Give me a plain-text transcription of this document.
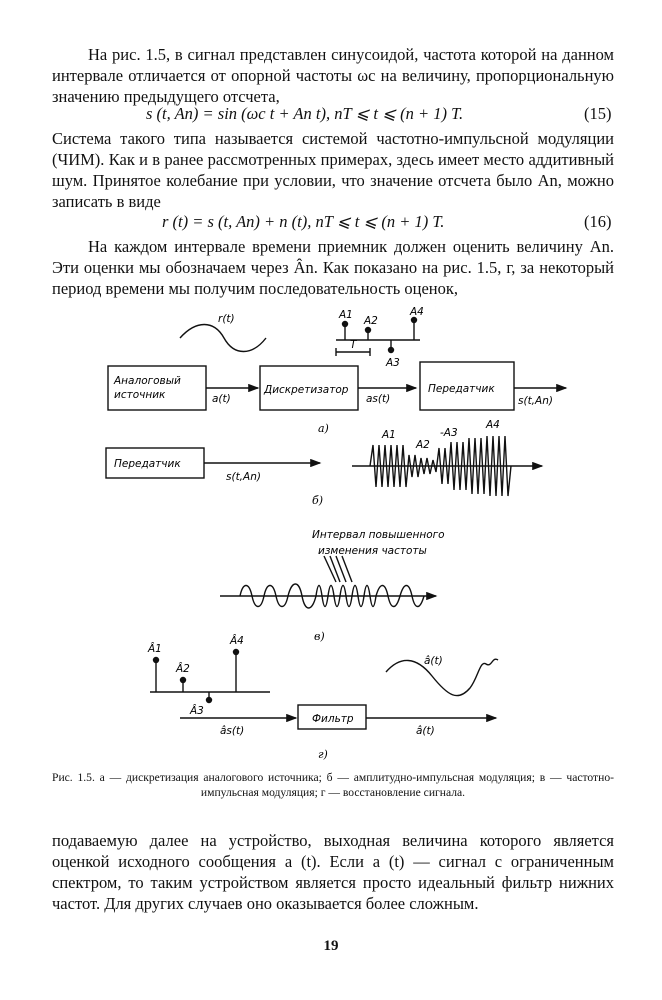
На рис. 1.5, в сигнал представлен синусоидой, частота которой на данном интервале отличается от опорной частоты ωc на величину, пропорциональную значению предыдущего отсчета,
s (t, An) = sin (ωc t + An t), nT ⩽ t ⩽ (n + 1) T.	(15)
Система такого типа называется системой частотно-импульсной модуляции (ЧИМ). Как и в ранее рассмотренных примерах, здесь имеет место аддитивный шум. Принятое колебание при условии, что значение отсчета было An, можно записать в виде
r (t) = s (t, An) + n (t), nT ⩽ t ⩽ (n + 1) T.	(16)
На каждом интервале времени приемник должен оценить величину An. Эти оценки мы обозначаем через Ân. Как показано на рис. 1.5, г, за некоторый период времени мы получим последовательность оценок,
r(t)	A1 A2
A3
A4
T
Аналоговый
источник	a(t)
Дискретизатор
as(t)
Передатчик
s(t,An)
а)
Передатчик
s(t,An)
A1
A2
-A3
A4
б)
Интервал повышенного
изменения частоты
в)
Â1
Â2
Â3
Â4
â(t)
Фильтр
âs(t)	â(t)
г)
Рис. 1.5. а — дискретизация аналогового источника; б — амплитудно-импульсная модуляция; в — частотно-импульсная модуляция; г — восстановление сигнала.
подаваемую далее на устройство, выходная величина которого является оценкой исходного сообщения a (t). Если a (t) — сигнал с ограниченным спектром, то таким устройством является просто идеальный фильтр нижних частот. Для других случаев оно оказывается более сложным.
19
